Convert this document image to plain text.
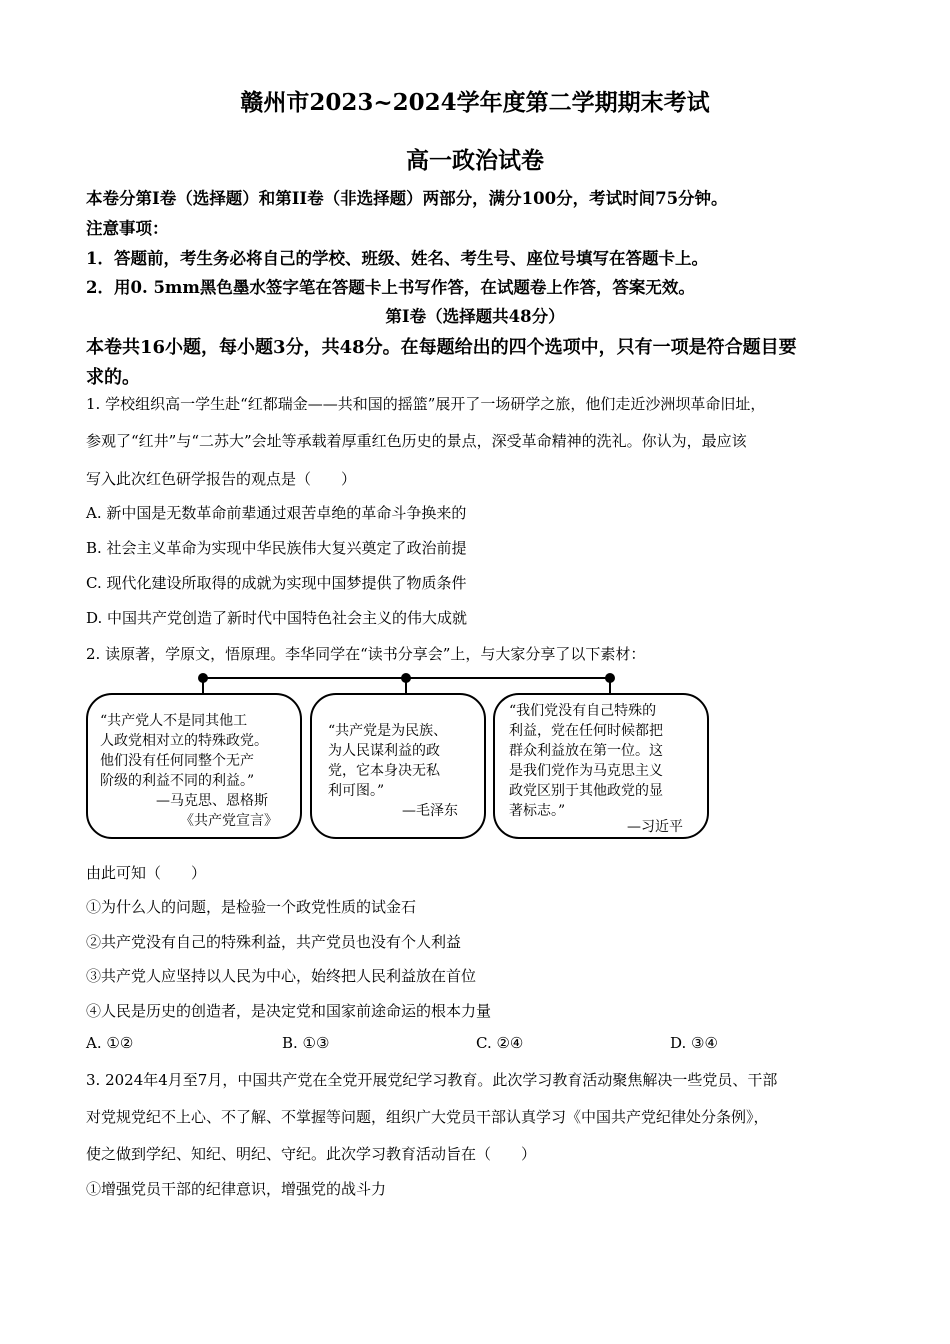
赣州市2023~2024学年度第二学期期末考试
高一政治试卷
本卷分第I卷（选择题）和第II卷（非选择题）两部分，满分100分，考试时间75分钟。
注意事项：
1．答题前，考生务必将自己的学校、班级、姓名、考生号、座位号填写在答题卡上。
2．用0. 5mm黑色墨水签字笔在答题卡上书写作答，在试题卷上作答，答案无效。
第I卷（选择题共48分）
本卷共16小题，每小题3分，共48分。在每题给出的四个选项中，只有一项是符合题目要
求的。
1. 学校组织高一学生赴“红都瑞金——共和国的摇篮”展开了一场研学之旅，他们走近沙洲坝革命旧址，
参观了“红井”与“二苏大”会址等承载着厚重红色历史的景点，深受革命精神的洗礼。你认为，最应该
写入此次红色研学报告的观点是（　　）
A. 新中国是无数革命前辈通过艰苦卓绝的革命斗争换来的
B. 社会主义革命为实现中华民族伟大复兴奠定了政治前提
C. 现代化建设所取得的成就为实现中国梦提供了物质条件
D. 中国共产党创造了新时代中国特色社会主义的伟大成就
2. 读原著，学原文，悟原理。李华同学在“读书分享会”上，与大家分享了以下素材：
“共产党人不是同其他工
人政党相对立的特殊政党。
他们没有任何同整个无产
阶级的利益不同的利益。”
—马克思、恩格斯
《共产党宣言》
“共产党是为民族、
为人民谋利益的政
党，它本身决无私
利可图。”
—毛泽东
“我们党没有自己特殊的
利益，党在任何时候都把
群众利益放在第一位。这
是我们党作为马克思主义
政党区别于其他政党的显
著标志。”
—习近平
由此可知（　　）
①为什么人的问题，是检验一个政党性质的试金石
②共产党没有自己的特殊利益，共产党员也没有个人利益
③共产党人应坚持以人民为中心，始终把人民利益放在首位
④人民是历史的创造者，是决定党和国家前途命运的根本力量
A. ①②	B. ①③	C. ②④	D. ③④
3. 2024年4月至7月，中国共产党在全党开展党纪学习教育。此次学习教育活动聚焦解决一些党员、干部
对党规党纪不上心、不了解、不掌握等问题，组织广大党员干部认真学习《中国共产党纪律处分条例》，
使之做到学纪、知纪、明纪、守纪。此次学习教育活动旨在（　　）
①增强党员干部的纪律意识，增强党的战斗力
